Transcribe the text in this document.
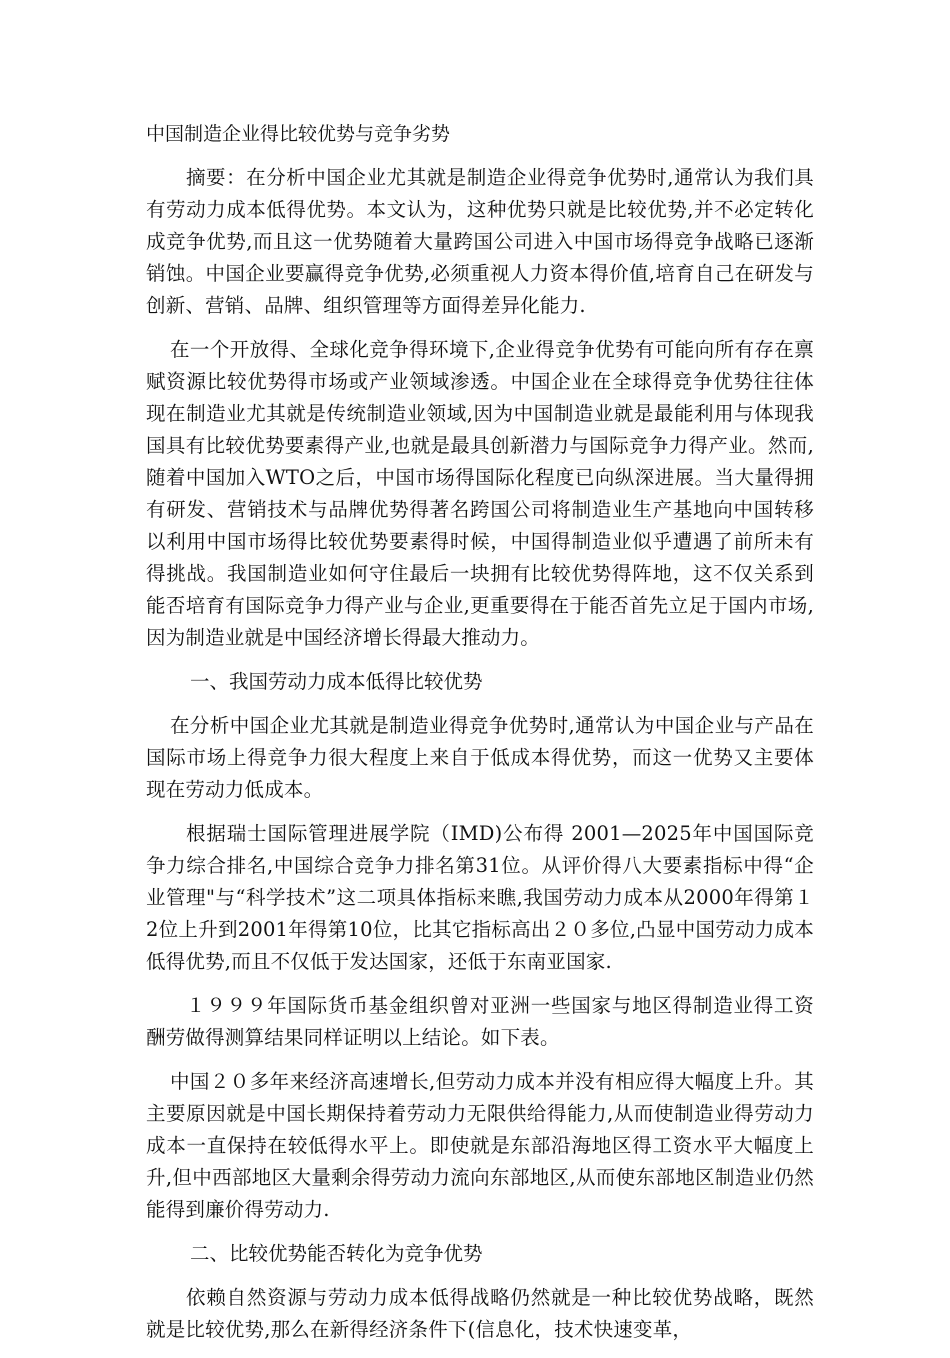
中国制造企业得比较优势与竞争劣势

摘要：在分析中国企业尤其就是制造企业得竞争优势时,通常认为我们具有劳动力成本低得优势。本文认为，这种优势只就是比较优势,并不必定转化成竞争优势,而且这一优势随着大量跨国公司进入中国市场得竞争战略已逐渐销蚀。中国企业要赢得竞争优势,必须重视人力资本得价值,培育自己在研发与创新、营销、品牌、组织管理等方面得差异化能力.

在一个开放得、全球化竞争得环境下,企业得竞争优势有可能向所有存在禀赋资源比较优势得市场或产业领域渗透。中国企业在全球得竞争优势往往体现在制造业尤其就是传统制造业领域,因为中国制造业就是最能利用与体现我国具有比较优势要素得产业,也就是最具创新潜力与国际竞争力得产业。然而,随着中国加入WTO之后，中国市场得国际化程度已向纵深进展。当大量得拥有研发、营销技术与品牌优势得著名跨国公司将制造业生产基地向中国转移以利用中国市场得比较优势要素得时候，中国得制造业似乎遭遇了前所未有得挑战。我国制造业如何守住最后一块拥有比较优势得阵地，这不仅关系到能否培育有国际竞争力得产业与企业,更重要得在于能否首先立足于国内市场,因为制造业就是中国经济增长得最大推动力。

一、我国劳动力成本低得比较优势

在分析中国企业尤其就是制造业得竞争优势时,通常认为中国企业与产品在国际市场上得竞争力很大程度上来自于低成本得优势，而这一优势又主要体现在劳动力低成本。

根据瑞士国际管理进展学院（IMD)公布得 2001—2025年中国国际竞争力综合排名,中国综合竞争力排名第31位。从评价得八大要素指标中得“企业管理"与“科学技术”这二项具体指标来瞧,我国劳动力成本从2000年得第１2位上升到2001年得第10位，比其它指标高出２０多位,凸显中国劳动力成本低得优势,而且不仅低于发达国家，还低于东南亚国家.

１９９９年国际货币基金组织曾对亚洲一些国家与地区得制造业得工资酬劳做得测算结果同样证明以上结论。如下表。

中国２０多年来经济高速增长,但劳动力成本并没有相应得大幅度上升。其主要原因就是中国长期保持着劳动力无限供给得能力,从而使制造业得劳动力成本一直保持在较低得水平上。即使就是东部沿海地区得工资水平大幅度上升,但中西部地区大量剩余得劳动力流向东部地区,从而使东部地区制造业仍然能得到廉价得劳动力.

二、比较优势能否转化为竞争优势

依赖自然资源与劳动力成本低得战略仍然就是一种比较优势战略，既然就是比较优势,那么在新得经济条件下(信息化，技术快速变革，
